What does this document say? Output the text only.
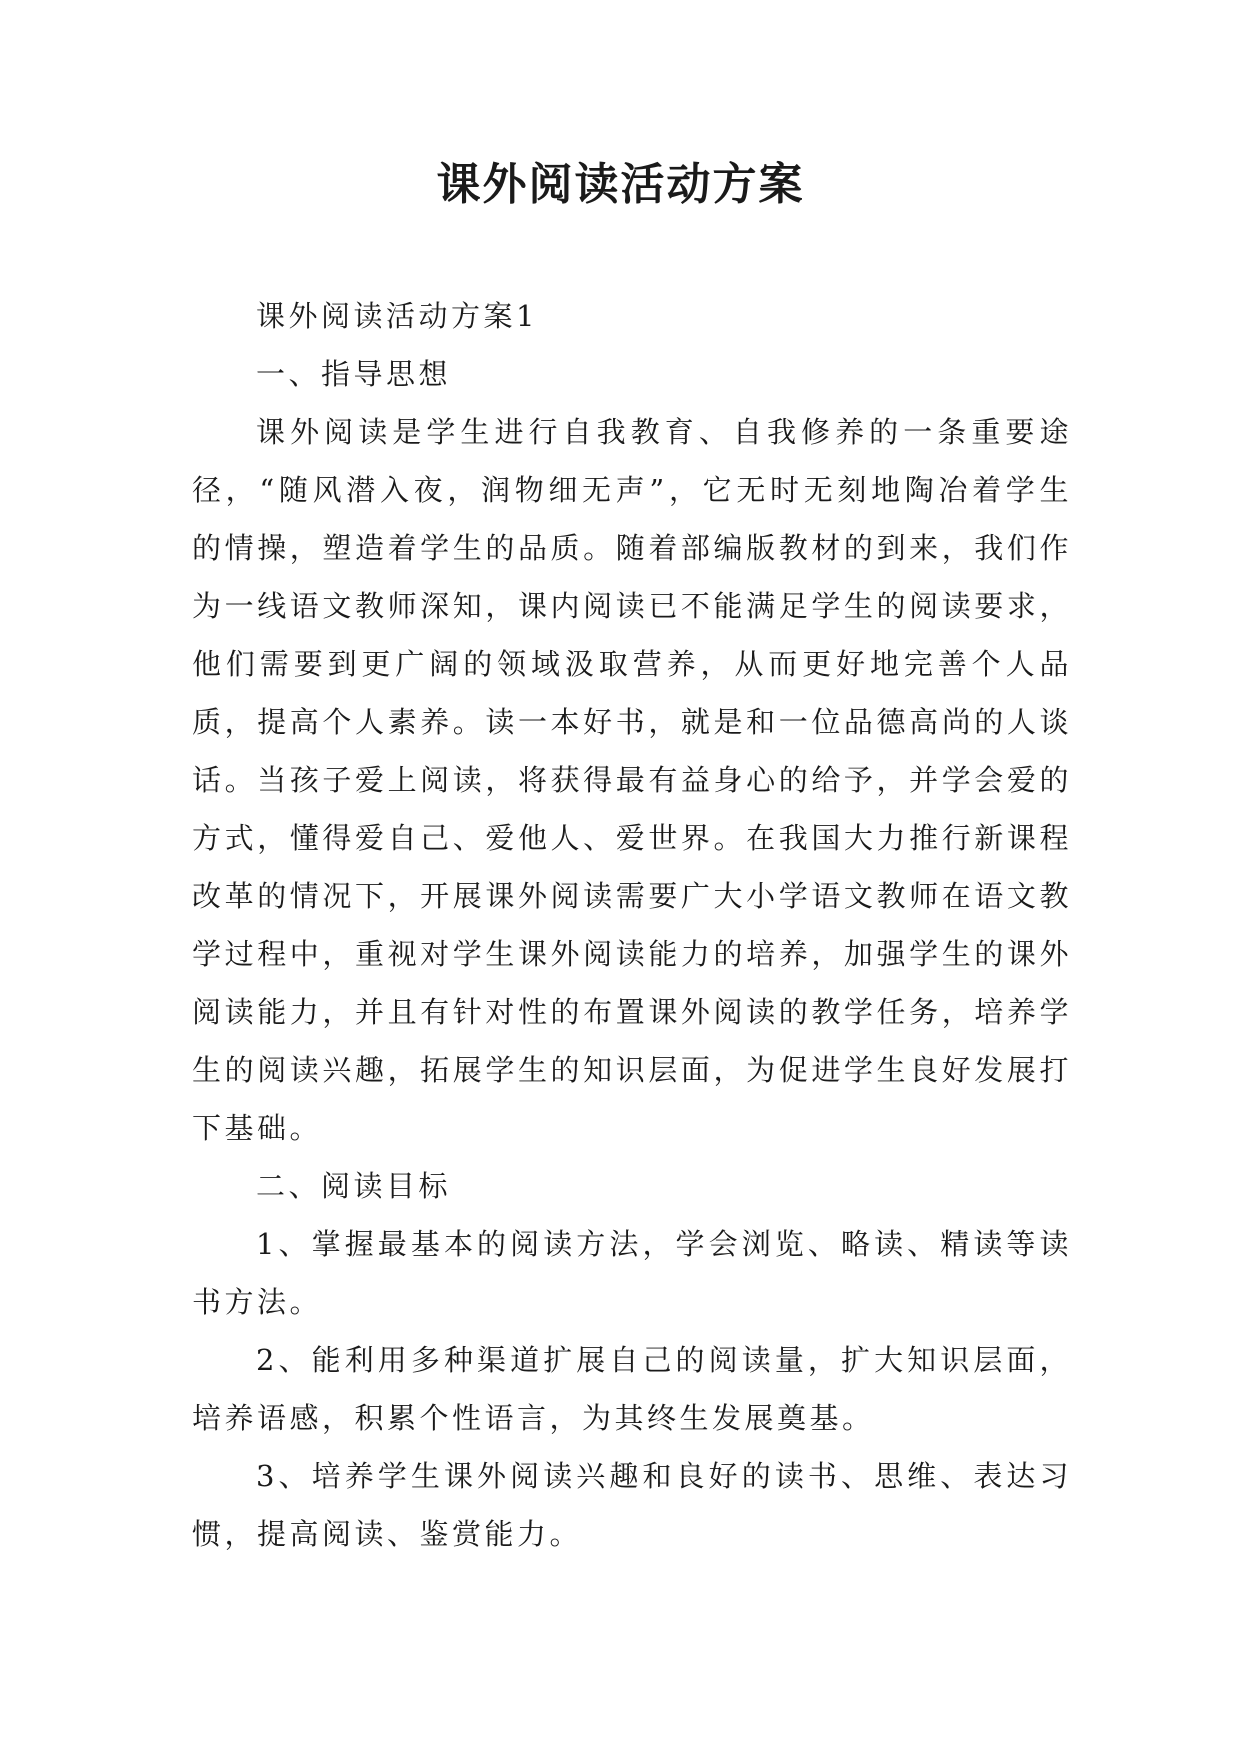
课外阅读活动方案

课外阅读活动方案1

一、指导思想

课外阅读是学生进行自我教育、自我修养的一条重要途径，“随风潜入夜，润物细无声”，它无时无刻地陶冶着学生的情操，塑造着学生的品质。随着部编版教材的到来，我们作为一线语文教师深知，课内阅读已不能满足学生的阅读要求，他们需要到更广阔的领域汲取营养，从而更好地完善个人品质，提高个人素养。读一本好书，就是和一位品德高尚的人谈话。当孩子爱上阅读，将获得最有益身心的给予，并学会爱的方式，懂得爱自己、爱他人、爱世界。在我国大力推行新课程改革的情况下，开展课外阅读需要广大小学语文教师在语文教学过程中，重视对学生课外阅读能力的培养，加强学生的课外阅读能力，并且有针对性的布置课外阅读的教学任务，培养学生的阅读兴趣，拓展学生的知识层面，为促进学生良好发展打下基础。

二、阅读目标

1、掌握最基本的阅读方法，学会浏览、略读、精读等读书方法。

2、能利用多种渠道扩展自己的阅读量，扩大知识层面，培养语感，积累个性语言，为其终生发展奠基。

3、培养学生课外阅读兴趣和良好的读书、思维、表达习惯，提高阅读、鉴赏能力。
